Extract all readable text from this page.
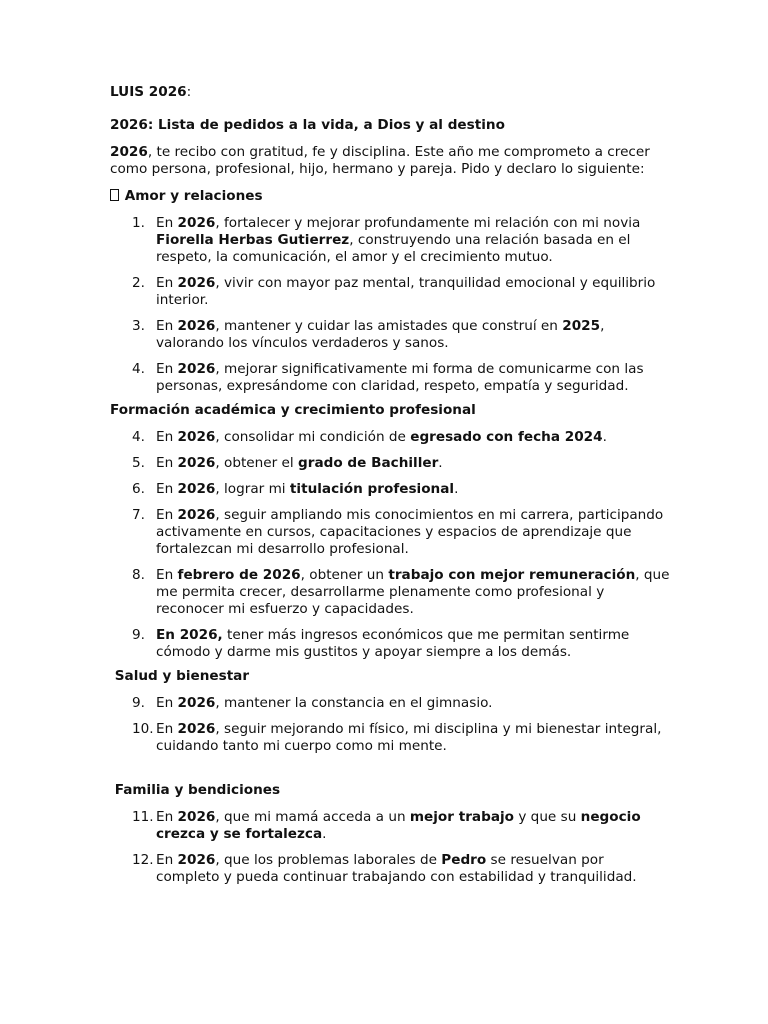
LUIS 2026:

2026: Lista de pedidos a la vida, a Dios y al destino

2026, te recibo con gratitud, fe y disciplina. Este año me comprometo a crecer como persona, profesional, hijo, hermano y pareja. Pido y declaro lo siguiente:

Amor y relaciones

1. En 2026, fortalecer y mejorar profundamente mi relación con mi novia Fiorella Herbas Gutierrez, construyendo una relación basada en el respeto, la comunicación, el amor y el crecimiento mutuo.
2. En 2026, vivir con mayor paz mental, tranquilidad emocional y equilibrio interior.
3. En 2026, mantener y cuidar las amistades que construí en 2025, valorando los vínculos verdaderos y sanos.
4. En 2026, mejorar significativamente mi forma de comunicarme con las personas, expresándome con claridad, respeto, empatía y seguridad.

Formación académica y crecimiento profesional

4. En 2026, consolidar mi condición de egresado con fecha 2024.
5. En 2026, obtener el grado de Bachiller.
6. En 2026, lograr mi titulación profesional.
7. En 2026, seguir ampliando mis conocimientos en mi carrera, participando activamente en cursos, capacitaciones y espacios de aprendizaje que fortalezcan mi desarrollo profesional.
8. En febrero de 2026, obtener un trabajo con mejor remuneración, que me permita crecer, desarrollarme plenamente como profesional y reconocer mi esfuerzo y capacidades.
9. En 2026, tener más ingresos económicos que me permitan sentirme cómodo y darme mis gustitos y apoyar siempre a los demás.

Salud y bienestar

9. En 2026, mantener la constancia en el gimnasio.
10. En 2026, seguir mejorando mi físico, mi disciplina y mi bienestar integral, cuidando tanto mi cuerpo como mi mente.

Familia y bendiciones

11. En 2026, que mi mamá acceda a un mejor trabajo y que su negocio crezca y se fortalezca.
12. En 2026, que los problemas laborales de Pedro se resuelvan por completo y pueda continuar trabajando con estabilidad y tranquilidad.
